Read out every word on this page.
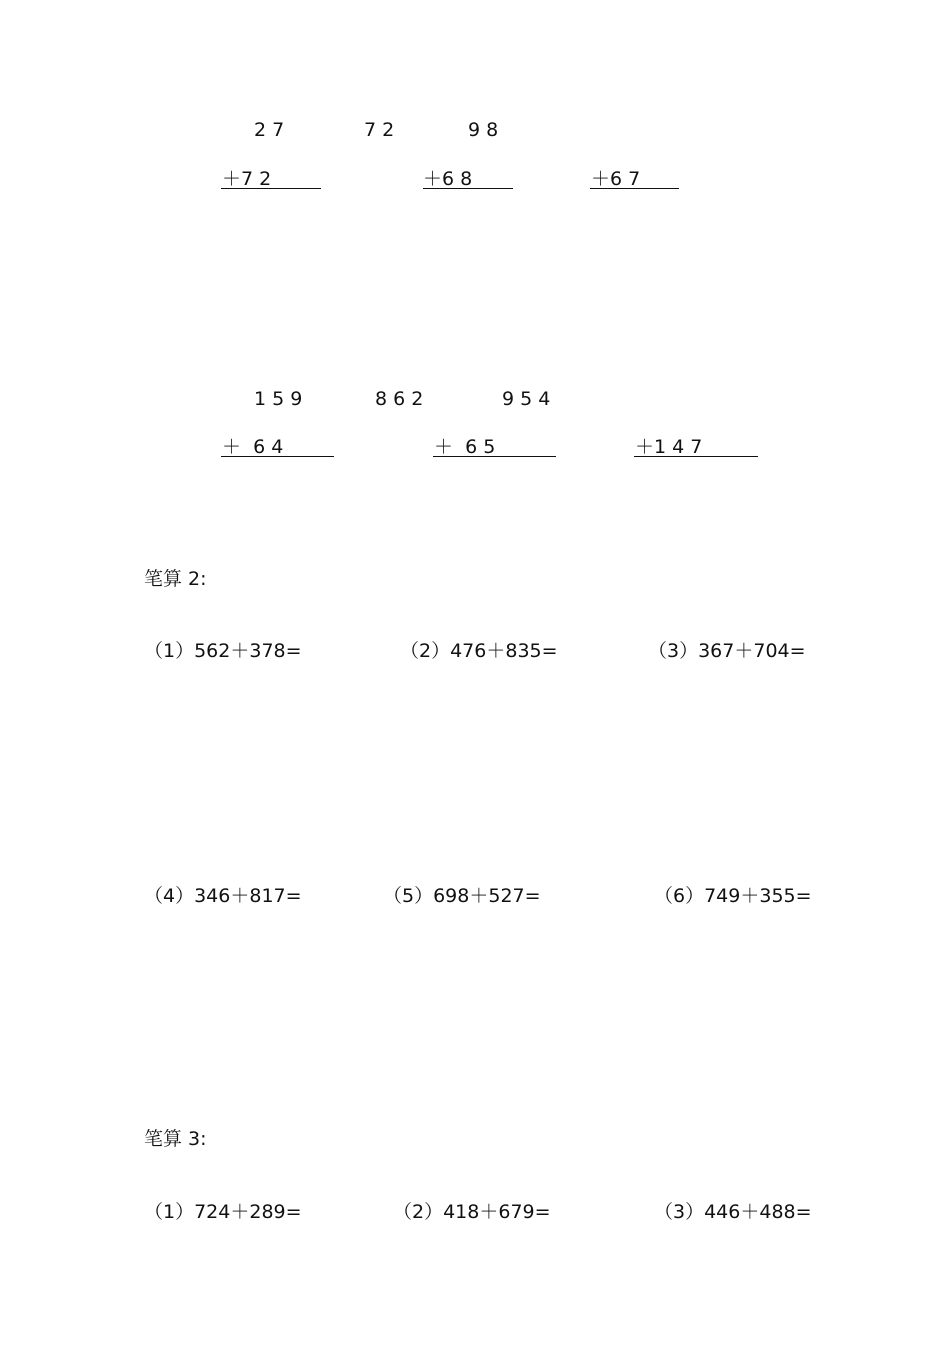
2 7	7 2	9 8
＋7 2	＋6 8	＋6 7
1 5 9	8 6 2	9 5 4
＋  6 4	＋  6 5	＋1 4 7
笔算 2:
（1）562＋378=	（2）476＋835=	（3）367＋704=
（4）346＋817=	（5）698＋527=	（6）749＋355=
笔算 3:
（1）724＋289=	（2）418＋679=	（3）446＋488=
